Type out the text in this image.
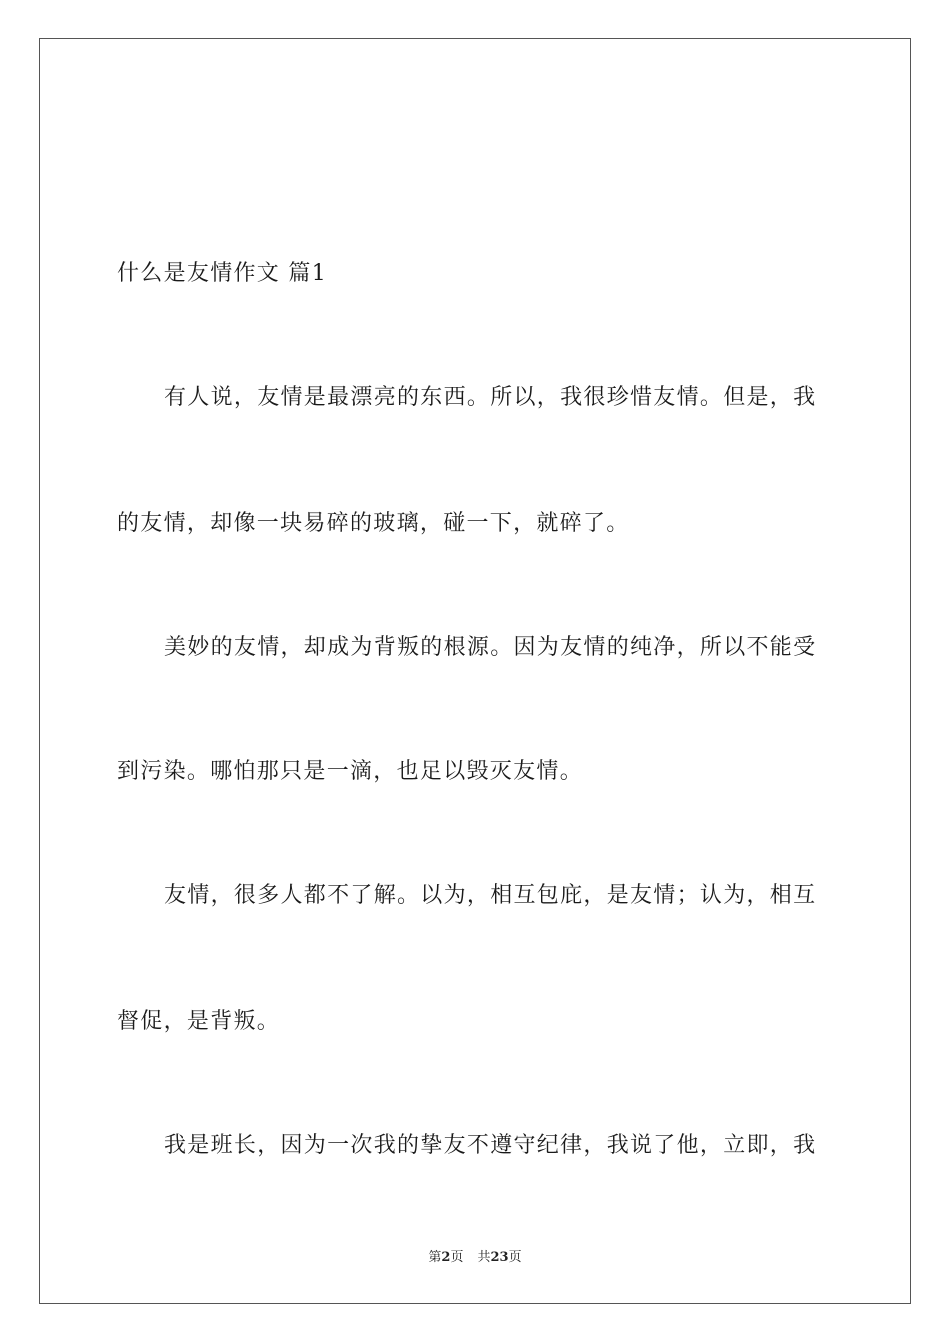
什么是友情作文 篇1
有人说，友情是最漂亮的东西。所以，我很珍惜友情。但是，我
的友情，却像一块易碎的玻璃，碰一下，就碎了。
美妙的友情，却成为背叛的根源。因为友情的纯净，所以不能受
到污染。哪怕那只是一滴，也足以毁灭友情。
友情，很多人都不了解。以为，相互包庇，是友情；认为，相互
督促，是背叛。
我是班长，因为一次我的挚友不遵守纪律，我说了他，立即，我
第2页 共23页
